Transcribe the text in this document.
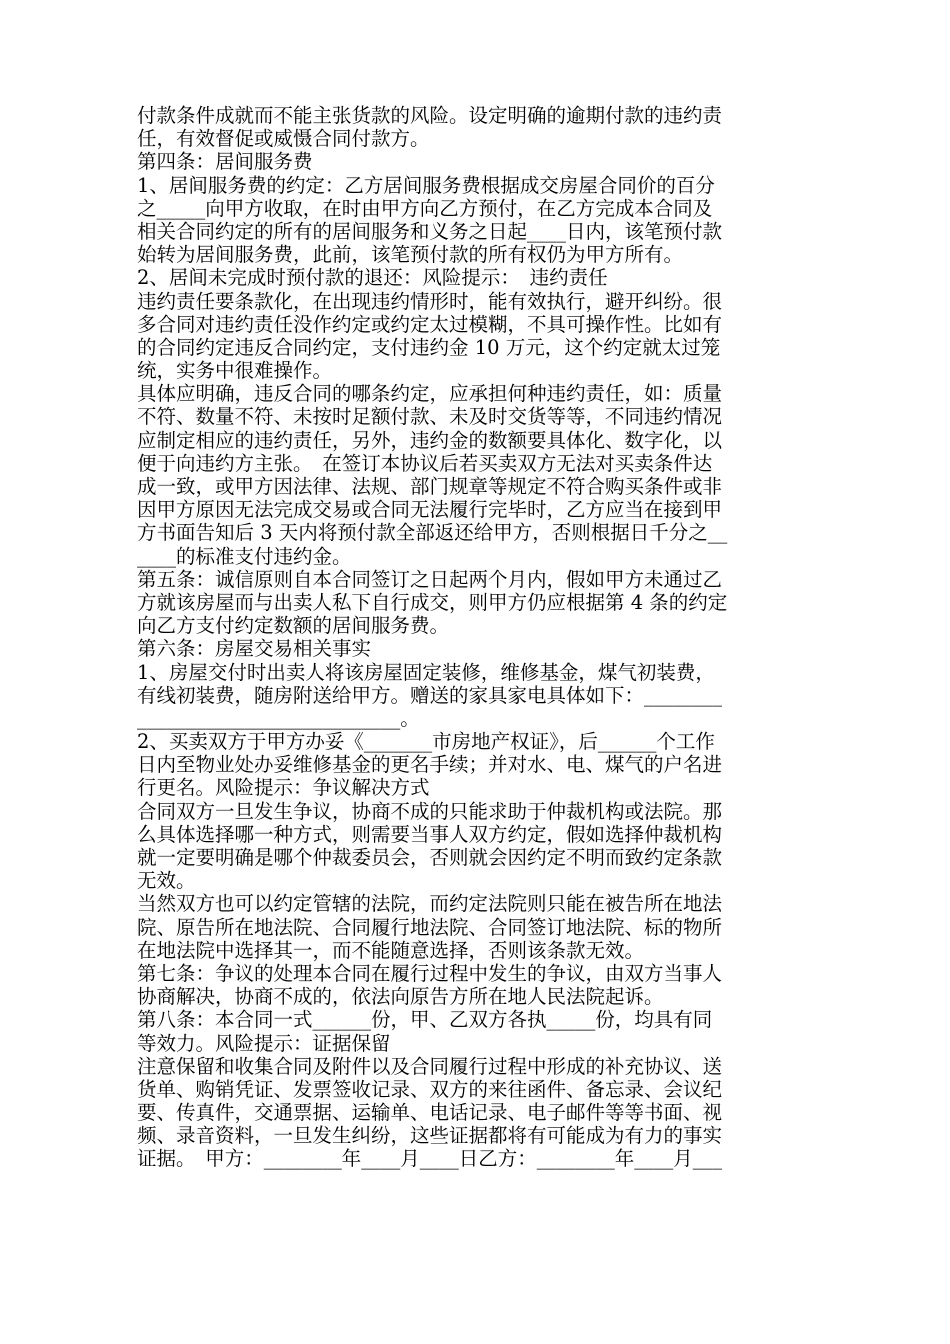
付款条件成就而不能主张货款的风险。设定明确的逾期付款的违约责
任，有效督促或威慑合同付款方。
第四条：居间服务费
1、居间服务费的约定：乙方居间服务费根据成交房屋合同价的百分
之_____向甲方收取，在时由甲方向乙方预付，在乙方完成本合同及
相关合同约定的所有的居间服务和义务之日起____日内，该笔预付款
始转为居间服务费，此前，该笔预付款的所有权仍为甲方所有。
2、居间未完成时预付款的退还：风险提示：　违约责任
违约责任要条款化，在出现违约情形时，能有效执行，避开纠纷。很
多合同对违约责任没作约定或约定太过模糊，不具可操作性。比如有
的合同约定违反合同约定，支付违约金 10 万元，这个约定就太过笼
统，实务中很难操作。
具体应明确，违反合同的哪条约定，应承担何种违约责任，如：质量
不符、数量不符、未按时足额付款、未及时交货等等，不同违约情况
应制定相应的违约责任，另外，违约金的数额要具体化、数字化，以
便于向违约方主张。　在签订本协议后若买卖双方无法对买卖条件达
成一致，或甲方因法律、法规、部门规章等规定不符合购买条件或非
因甲方原因无法完成交易或合同无法履行完毕时，乙方应当在接到甲
方书面告知后 3 天内将预付款全部返还给甲方，否则根据日千分之__
____的标准支付违约金。
第五条：诚信原则自本合同签订之日起两个月内，假如甲方未通过乙
方就该房屋而与出卖人私下自行成交，则甲方仍应根据第 4 条的约定
向乙方支付约定数额的居间服务费。
第六条：房屋交易相关事实
1、房屋交付时出卖人将该房屋固定装修，维修基金，煤气初装费，
有线初装费，随房附送给甲方。赠送的家具家电具体如下：________
___________________________。
2、买卖双方于甲方办妥《_______市房地产权证》，后______个工作
日内至物业处办妥维修基金的更名手续；并对水、电、煤气的户名进
行更名。风险提示：争议解决方式
合同双方一旦发生争议，协商不成的只能求助于仲裁机构或法院。那
么具体选择哪一种方式，则需要当事人双方约定，假如选择仲裁机构
就一定要明确是哪个仲裁委员会，否则就会因约定不明而致约定条款
无效。
当然双方也可以约定管辖的法院，而约定法院则只能在被告所在地法
院、原告所在地法院、合同履行地法院、合同签订地法院、标的物所
在地法院中选择其一，而不能随意选择，否则该条款无效。
第七条：争议的处理本合同在履行过程中发生的争议，由双方当事人
协商解决，协商不成的，依法向原告方所在地人民法院起诉。
第八条：本合同一式______份，甲、乙双方各执_____份，均具有同
等效力。风险提示：证据保留
注意保留和收集合同及附件以及合同履行过程中形成的补充协议、送
货单、购销凭证、发票签收记录、双方的来往函件、备忘录、会议纪
要、传真件，交通票据、运输单、电话记录、电子邮件等等书面、视
频、录音资料，一旦发生纠纷，这些证据都将有可能成为有力的事实
证据。　甲方：________年____月____日乙方：________年____月___
